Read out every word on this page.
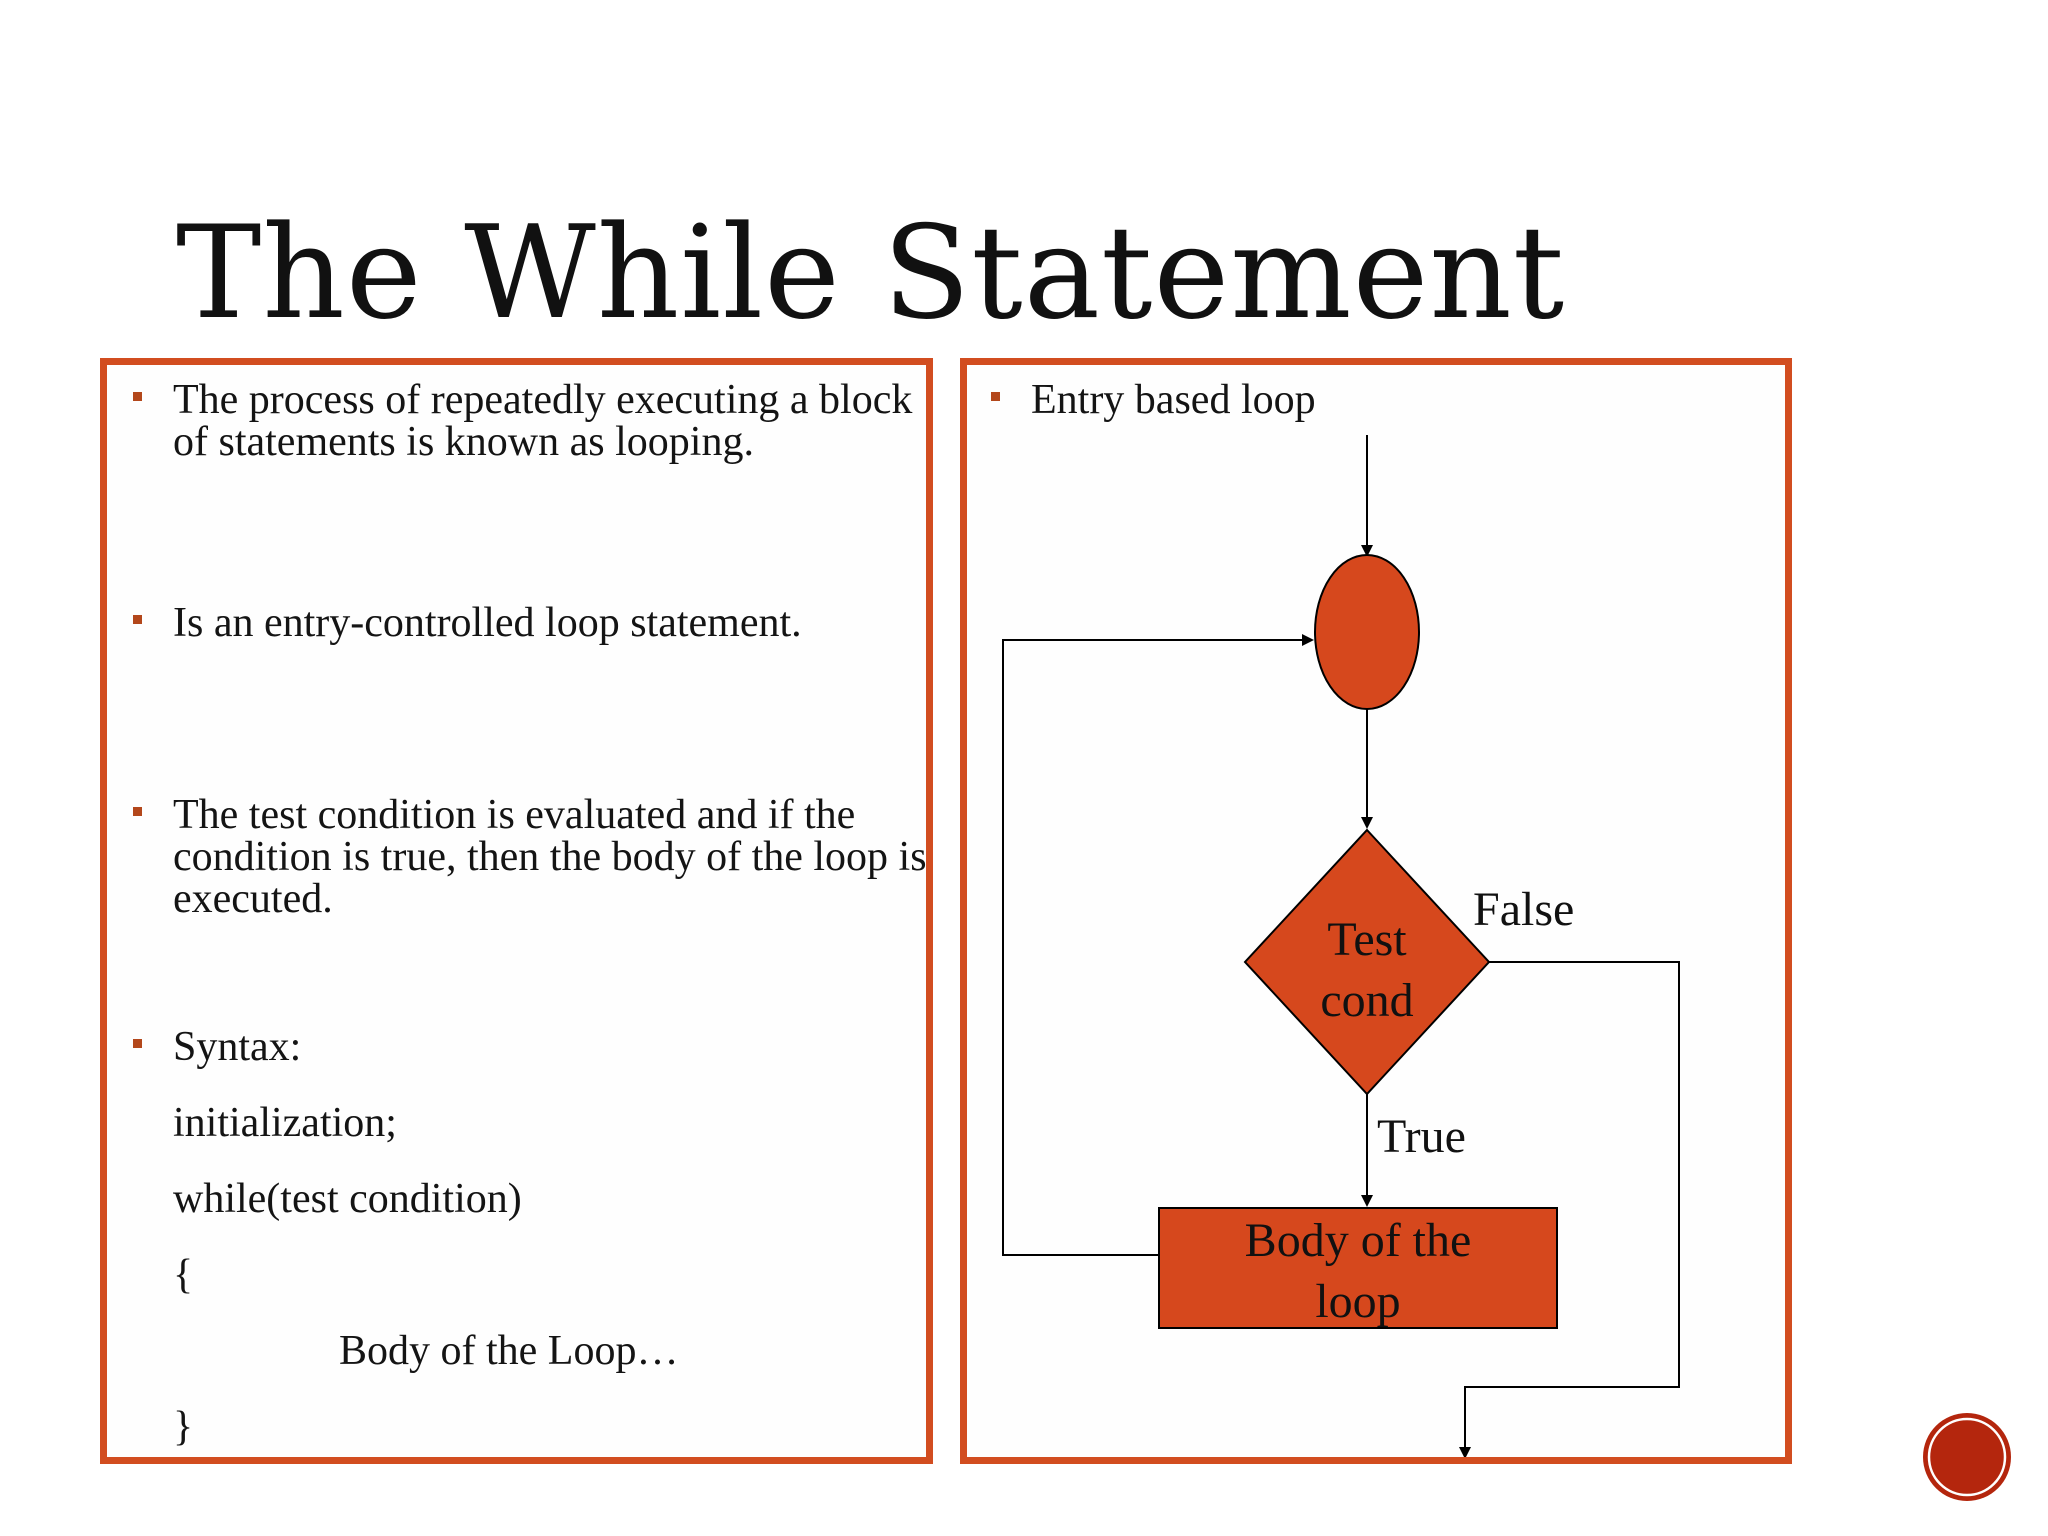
The While Statement
The process of repeatedly executing a block of statements is known as looping.
Is an entry-controlled loop statement.
The test condition is evaluated and if the condition is true, then the body of the loop is executed.
Syntax:
initialization;
while(test condition)
{
Body of the Loop…
}
Entry based loop
Test
cond
False
True
Body of the
loop
